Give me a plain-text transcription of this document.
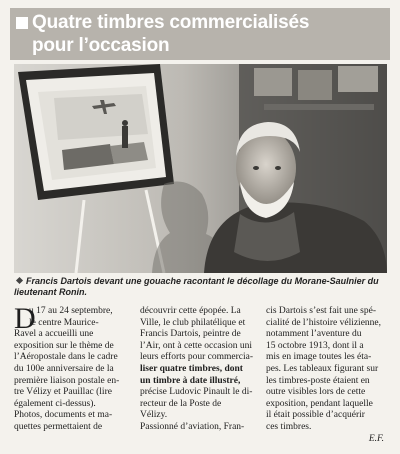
Quatre timbres commercialisés
pour l’occasion
Francis Dartois devant une gouache racontant le décollage du Morane-Saulnier du lieutenant Ronin.
D
u 17 au 24 septembre,
le centre Maurice-
Ravel a accueilli une
exposition sur le thème de
l’Aéropostale dans le cadre
du 100e anniversaire de la
première liaison postale en-
tre Vélizy et Pauillac (lire
également ci-dessus).
Photos, documents et ma-
quettes permettaient de
découvrir cette épopée. La
Ville, le club philatélique et
Francis Dartois, peintre de
l’Air, ont à cette occasion uni
leurs efforts pour commercia-
liser quatre timbres, dont
un timbre à date illustré,
précise Ludovic Pinault le di-
recteur de la Poste de
Vélizy.
Passionné d’aviation, Fran-
cis Dartois s’est fait une spé-
cialité de l’histoire vélizienne,
notamment l’aventure du
15 octobre 1913, dont il a
mis en image toutes les éta-
pes. Les tableaux figurant sur
les timbres-poste étaient en
outre visibles lors de cette
exposition, pendant laquelle
il était possible d’acquérir
ces timbres.
E.F.
